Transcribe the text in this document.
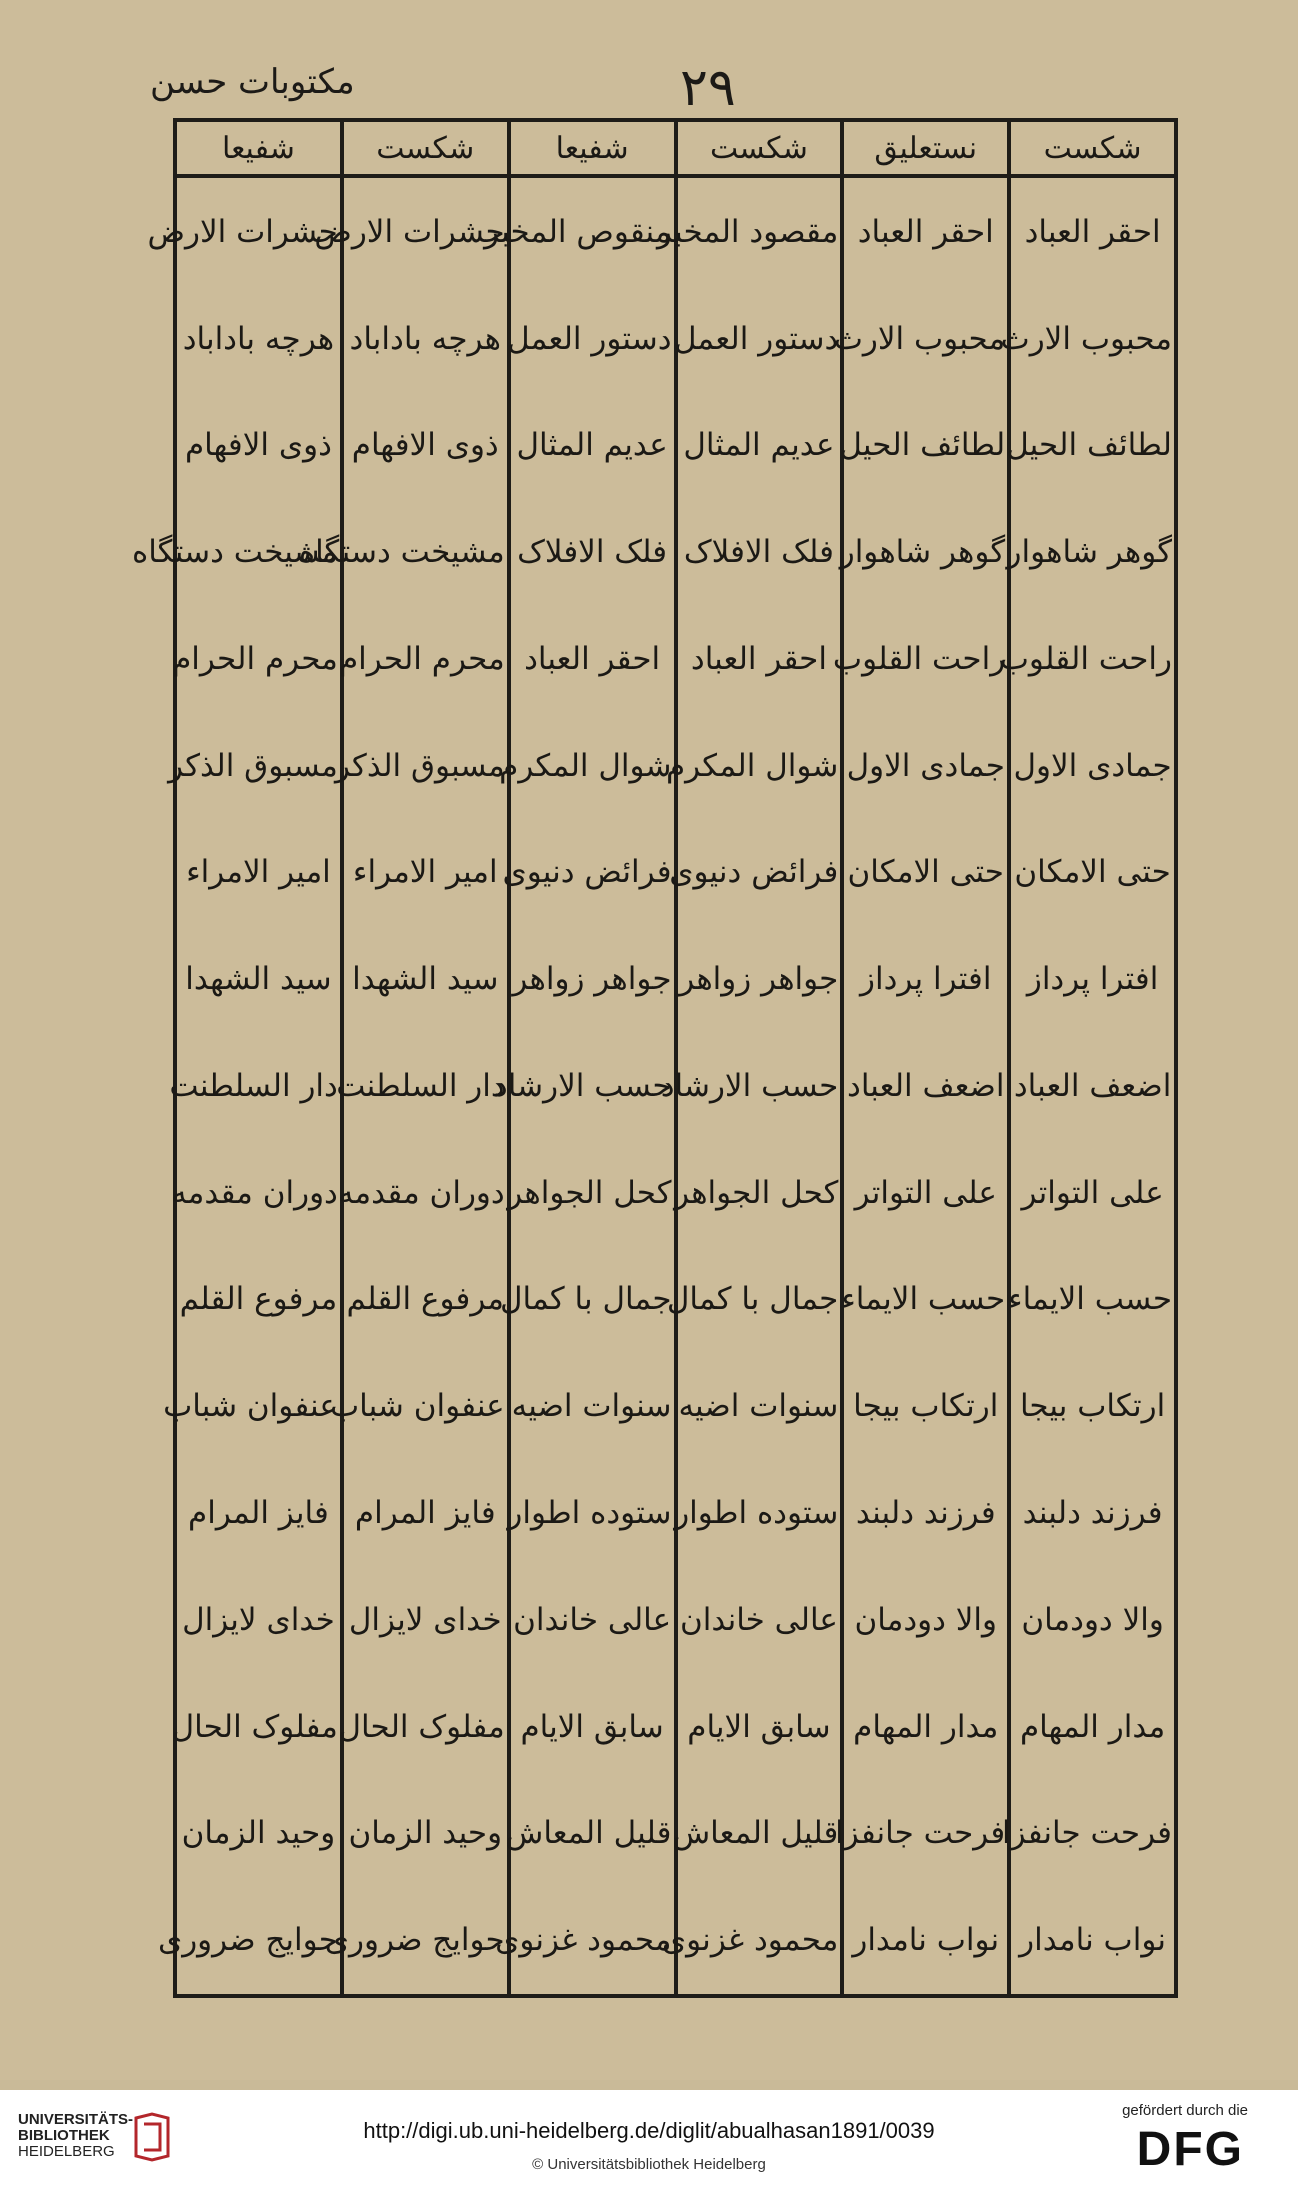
مکتوبات حسن	۲۹
شکست	نستعلیق	شکست	شفیعا	شکست	شفیعا
احقر العباد	احقر العباد	مقصود المخبر	منقوص المخبر	حشرات الارض	حشرات الارض
محبوب الارث	محبوب الارث	دستور العمل	دستور العمل	هرچه باداباد	هرچه باداباد
لطائف الحیل	لطائف الحیل	عدیم المثال	عدیم المثال	ذوی الافهام	ذوی الافهام
گوهر شاهوار	گوهر شاهوار	فلک الافلاک	فلک الافلاک	مشیخت دستگاه	مشیخت دستگاه
راحت القلوب	راحت القلوب	احقر العباد	احقر العباد	محرم الحرام	محرم الحرام
جمادی الاول	جمادی الاول	شوال المکرم	شوال المکرم	مسبوق الذکر	مسبوق الذکر
حتی الامکان	حتی الامکان	فرائض دنیوی	فرائض دنیوی	امیر الامراء	امیر الامراء
افترا پرداز	افترا پرداز	جواهر زواهر	جواهر زواهر	سید الشهدا	سید الشهدا
اضعف العباد	اضعف العباد	حسب الارشاد	حسب الارشاد	دار السلطنت	دار السلطنت
علی التواتر	علی التواتر	کحل الجواهر	کحل الجواهر	دوران مقدمه	دوران مقدمه
حسب الایماء	حسب الایماء	جمال با کمال	جمال با کمال	مرفوع القلم	مرفوع القلم
ارتکاب بیجا	ارتکاب بیجا	سنوات اضیه	سنوات اضیه	عنفوان شباب	عنفوان شباب
فرزند دلبند	فرزند دلبند	ستوده اطوار	ستوده اطوار	فایز المرام	فایز المرام
والا دودمان	والا دودمان	عالی خاندان	عالی خاندان	خدای لایزال	خدای لایزال
مدار المهام	مدار المهام	سابق الایام	سابق الایام	مفلوک الحال	مفلوک الحال
فرحت جانفزا	فرحت جانفزا	قلیل المعاش	قلیل المعاش	وحید الزمان	وحید الزمان
نواب نامدار	نواب نامدار	محمود غزنوی	محمود غزنوی	حوایج ضروری	حوایج ضروری
UNIVERSITÄTS-
BIBLIOTHEK
HEIDELBERG
http://digi.ub.uni-heidelberg.de/diglit/abualhasan1891/0039
© Universitätsbibliothek Heidelberg
gefördert durch die
DFG
